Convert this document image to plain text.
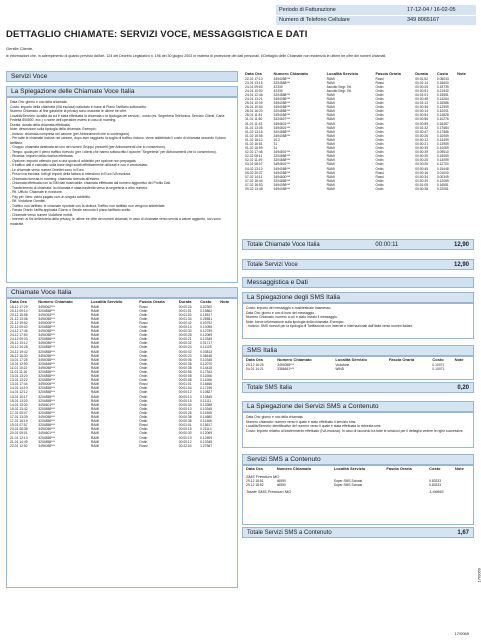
Periodo di Fatturazione	17-12-04 / 16-02-05
Numero di Telefono Cellulare	349 8065167
DETTAGLIO CHIAMATE: SERVIZI VOCE, MESSAGGISTICA E DATI
Gentile Cliente,
le informazioni che, in adempimento di quanto previsto dall'art. 124 del Decreto Legislativo n. 196 del 30 giugno 2003 in materia di protezione dei dati personali, il Dettaglio delle Chiamate non evidenzia le ultime tre cifre dei numeri chiamati.
Servizi Voce
La Spiegazione delle Chiamate Voce Italia
Data Ora: giorno e ora della chiamata.
Costo: importo della chiamata (IVA esclusa) calcolato in base al Piano Tariffario sottoscritto.
Numero Chiamato: al fine garantire la privacy sono oscurate le ultime tre cifre.
Località/Servizio: località da cui è stata effettuata la chiamata o la tipologia del servizio - costo (es. Segreteria Telefonica, Servizio Clienti, Carta Fedeltà 800800, ecc.) o nome dell'operatore estero in caso di roaming.
Durata: durata della chiamata effettuata.
Note: descrizione sulla tipologia della chiamata. Esempio:
- Incluso: chiamata compresa nel canone (per Abbonamenti che lo contengono).
- Per tutte le chiamate incluse nel canone, dopo aver raggiunto la soglia di traffico incluso, viene addebitato il costo di chiamata secondo il piano tariffario.
- Gruppo: chiamata destinata ad uno dei numeri Gruppo prescelti (per Abbonamenti che lo consentono).
- Tempo: quota per il pieno traffico ricevuto (per i clienti che hanno sottoscritto l'opzione "Segreteria" per Abbonamenti che lo consentono).
- Ricarica: importo della ricarica effettuata.
- Opzione: importo ottenuto pari a una quota di addebito per opzione non prepagata.
- Il traffico dati è calcolato sulla base degli scatti effettivamente utilizzati e non è arrotondato.
- Le chiamate verso numeri Omnitel sono in Euro.
- Prezzi iva esclusa: tutti gli importi della fattura si intendono in Euro IVA esclusa.
- Chiamata ricevuta in roaming: chiamata ricevuta all'estero.
- Chiamata effettuata con la SIM dati ricaricabile: chiamata effettuata dal numero aggiuntivo del Profilo Dati.
- Trasferimento di chiamata: la chiamata è stata trasferita verso la segreteria o altro numero.
- Rif. Ufficio: Chiamate in ricezione.
- Pay per View: video pagato con un singolo addebito.
- Rif. Vodafone Omnitel.
- Traffico non tariffato: le chiamate riportate con la dicitura Traffico non tariffato non vengono addebitate.
- Fascia Orario: tariffa applicata Giorno o Serale secondo il piano tariffario scelto.
- Chiamate verso numeri Vodafone mobili.
- Internet: ai fini della tutela della privacy, le ultime tre cifre dei numeri chiamati, in caso di chiamate verso servizi a valore aggiunto, non sono mostrate.
Chiamate Voce Italia
Data Ora	Numero Chiamato	Località Servizio	Fascia Oraria	Durata	Costo	Note
18-12 17:29	3494062***	RAMI	Rossi	00:00:24	0.02300	
20-12 09:14	3204858***	RAMI	Ordin	00:01:01	0.15862	
20-12 15:55	3494053***	RAMI	Ordin	00:01:00	0.15517	
21-12 13:06	3494056***	RAMI	Ordin	00:01:34	0.26551	
21-12 19:52	3494006***	RAMI	Rossi	00:00:42	0.03792	
22-12 09:00	3204858***	RAMI	Ordin	00:00:14	0.10096	
24-12 17:46	3494058***	RAMI	Ordin	00:00:30	0.12759	
24-12 17:50	3494058***	RAMI	Ordin	00:00:28	0.12069	
24-12 09:33	3204858***	RAMI	Ordin	00:00:21	0.10345	
25-12 13:12	3494056***	RAMI	Ordin	00:00:32	0.01717	
24-12 10:28	3204858***	RAMI	Ordin	00:00:24	0.11125	
24-12 19:42	3204858***	RAMI	Ordin	00:00:02	0.03813	
26-12 18:30	3494058***	RAMI	Ordin	00:00:23	0.08448	
10-01 17:25	3494058***	RAMI	Ordin	00:00:06	0.10345	
10-01 12:50	3204848***	RAMI	Ordin	00:00:36	0.12070	
11-01 10:22	3494058***	RAMI	Ordin	00:00:38	0.14418	
11-01 11:16	3204858***	RAMI	Ordin	00:00:56	0.17343	
13-01 13:20	3204858***	RAMI	Ordin	00:00:08	0.11066	
13-01 13:22	3204858***	RAMI	Ordin	00:00:08	0.11066	
13-01 17:44	3494006***	RAMI	Rossi	00:01:01	0.16466	
14-01 14:10	3204858***	RAMI	Ordin	00:01:04	0.17196	
14-01 12:12	3204858***	RAMI	Ordin	00:00:12	0.10827	
13-01 10:17	3204858***	RAMI	Ordin	00:00:13	0.10845	
15-01 13:20	3204858***	RAMI	Ordin	00:00:15	0.11111	
14-01 13:30	3494601***	RAMI	Ordin	00:00:34	0.13358	
15-01 13:42	3204858***	RAMI	Ordin	00:00:10	0.10345	
17-01 09:07	3204858***	RAMI	Ordin	00:00:26	0.11965	
17-01 13:39	3494058***	RAMI	Ordin	00:00:38	0.14680	
17-01 16:19	3204858***	RAMI	Ordin	00:00:38	0.11466	
19-01 07:57	3204858***	RAMI	Rossi	00:01:01	0.15517	
20-01 08:38	3494056***	RAMI	Ordin	00:00:15	0.21114	
20-01 09:01	3494601***	RAMI	Ordin	00:00:30	0.12069	
21-01 12:13	3204858***	RAMI	Ordin	00:00:19	0.12469	
21-01 14:49	3204858***	RAMI	Ordin	00:00:12	0.10345	
22-01 12:52	3494058***	RAMI	Rossi	00:22:04	1.27567	
Data Ora	Numero Chiamato	Località Servizio	Fascia Oraria	Durata	Costo	Note
22-01 17:10	3494058***	RAMI	Rossi	00:01:52	0.05033	
23-01 13:15	3204858***	RAMI	Rossi	00:01:14	0.16600	
24-01 09:53	42330	Ascolto Segr. Tel.	Ordin	00:00:25	0.15739	
24-01 10:00	42330	Ascolto Segr. Tel.	Ordin	00:00:51	0.21940	
24-01 12:46	3204858***	RAMI	Ordin	00:01:01	0.15551	
24-01 13:21	3494056***	RAMI	Ordin	00:00:48	0.14264	
25-01 10:09	3494058***	RAMI	Ordin	00:01:13	0.16586	
26-01 10:54	3494058***	RAMI	Ordin	00:00:36	0.12959	
28-01 16:20	3204858***	RAMI	Ordin	00:00:14	0.10001	
28-01 11:51	3494058***	RAMI	Ordin	00:00:54	0.14828	
31-01 11:50	3424607***	RAMI	Ordin	00:00:56	0.10276	
31-01 11:43	3494601***	RAMI	Ordin	00:00:59	0.16467	
31-01 13:05	3494601***	RAMI	Ordin	00:01:32	0.17684	
01-02 13:16	3204858***	RAMI	Ordin	00:00:47	0.17586	
01-02 16:55	3494058***	RAMI	Ordin	00:00:26	0.10069	
01-02 18:10	10.2	RAMI	Ordin	00:00:12	0.14499	
01-02 16:51	31	RAMI	Ordin	00:00:21	0.13959	
01-02 16:59	31	RAMI	Ordin	00:00:35	0.10069	
02-02 17:45	3494601***	RAMI	Ordin	00:00:39	0.09510	
02-02 08:11	3204858***	RAMI	Ordin	00:00:25	0.15069	
02-02 11:49	3204858***	RAMI	Ordin	00:00:25	0.14059	
03-02 08:07	3494601***	RAMI	Ordin	00:00:26	0.12700	
04-02 13:10	3494058***	RAMI	Ordin	00:00:45	0.15448	
05-02 20:37	3494058***	RAMI	Rossi	00:00:16	0.01000	
07-02 14:11	3494600***	RAMI	Rossi	00:00:34	0.00345	
07-02 16:44	3204858***	RAMI	Ordin	00:00:29	0.12069	
07-02 16:53	3494058***	RAMI	Ordin	00:01:05	0.16551	
09-02 13:45	3494058***	RAMI	Ordin	00:00:38	0.22051	
Totale Chiamate Voce Italia	00:00:11	12,90
Totale Servizi Voce	12,90
Messaggistica e Dati
La Spiegazione degli SMS Italia
Costo: importo del messaggio e-mail/testuale trasmesso.
Data Ora: giorno e ora di invio del messaggio.
Numero Chiamato: numero a cui è stato inviato il messaggio.
Note: breve informazione sulla tipologia della chiamata. Esempio:
- Incluso: SMS ricevuti per la tipologia di Tariffazione con Internet e internazionali dall'Italia verso numeri italiani.
SMS Italia
Data Ora	Numero Chiamato	Località Servizio	Fascia Oraria	Costo	Note
29-12 16:25	3494058***	Vodafone		0.10071	
04-01 14:21	3386641***	WIND		0.10071	
Totale SMS Italia	0,20
La Spiegazione dei Servizi SMS a Contenuto
Data Ora: giorno e ora della chiamata.
Numero chiamato: numero verso il quale è stato effettuato il servizio sms.
Località/Servizio: identificativo del numero verso il quale è stata effettuata la richiesta sms.
Costo: importo relativo al trasferimento effettuato (IVA esclusa). In caso di raccordo tra tutte le sessioni per il dettaglio vedere le righe successive.
Servizi SMS a Contenuto
Data Ora	Numero Chiamato	Località Servizio	Fascia Oraria	Costo	Note
SMS Premium MO					
29-12 18:51	46590	Super SMS Scinasi		0.83333	
29-12 18:52	46590	Super SMS Scinasi		0.83333	
Totale SMS Premium MO				1,66666	
Totale Servizi SMS a Contenuto	1,67
17/0069
17/0069
